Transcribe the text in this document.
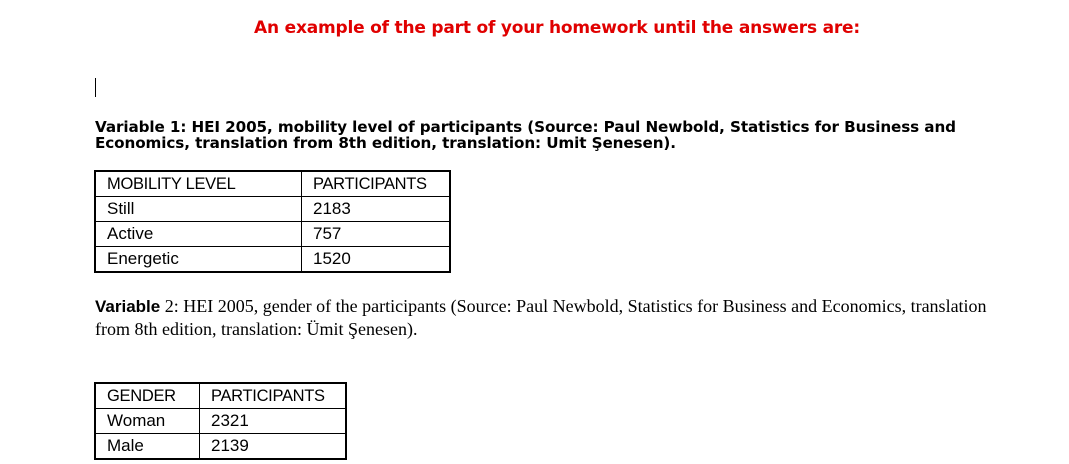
An example of the part of your homework until the answers are:
Variable 1: HEI 2005, mobility level of participants (Source: Paul Newbold, Statistics for Business and Economics, translation from 8th edition, translation: Umit Şenesen).
MOBILITY LEVEL	PARTICIPANTS
Still	2183
Active	757
Energetic	1520
Variable 2: HEI 2005, gender of the participants (Source: Paul Newbold, Statistics for Business and Economics, translation from 8th edition, translation: Ümit Şenesen).
GENDER	PARTICIPANTS
Woman	2321
Male	2139
